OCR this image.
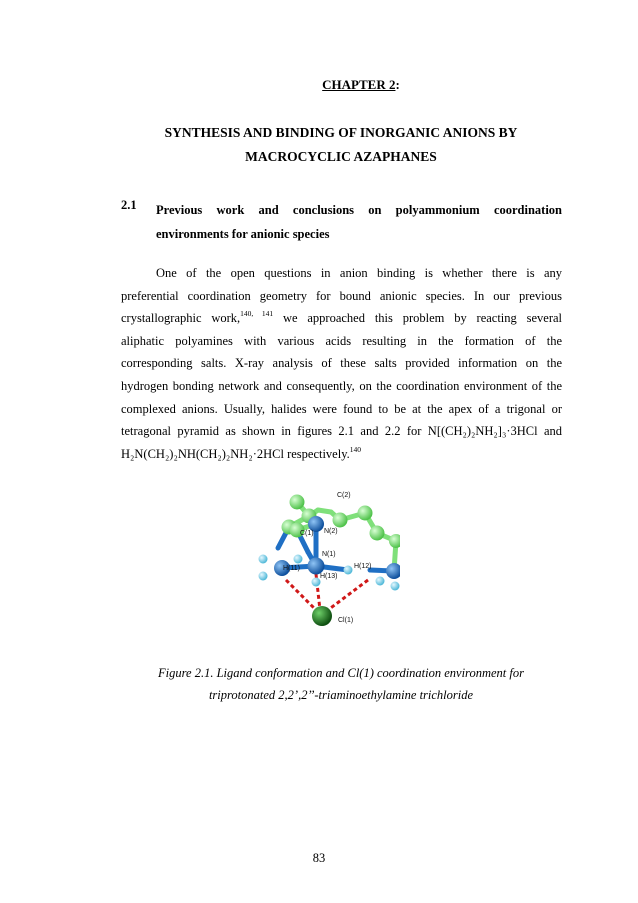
CHAPTER 2:
SYNTHESIS AND BINDING OF INORGANIC ANIONS BY
MACROCYCLIC AZAPHANES
2.1 Previous work and conclusions on polyammonium coordination
environments for anionic species
One of the open questions in anion binding is whether there is any
preferential coordination geometry for bound anionic species. In our previous
crystallographic work,$^{140, 141}$ we approached this problem by reacting several
aliphatic polyamines with various acids resulting in the formation of the
corresponding salts. X-ray analysis of these salts provided information on the
hydrogen bonding network and consequently, on the coordination environment of the
complexed anions. Usually, halides were found to be at the apex of a trigonal or
tetragonal pyramid as shown in figures 2.1 and 2.2 for N[(CH₂)₂NH₂]₃·3HCl and
H₂N(CH₂)₂NH(CH₂)₂NH₂·2HCl respectively.$^{140}$
C(2)
C(1) N(2)
N(1)
H(11)	H(12)
H(13)
Cl(1)
Figure 2.1. Ligand conformation and Cl(1) coordination environment for
triprotonated 2,2’,2’’-triaminoethylamine trichloride
83
